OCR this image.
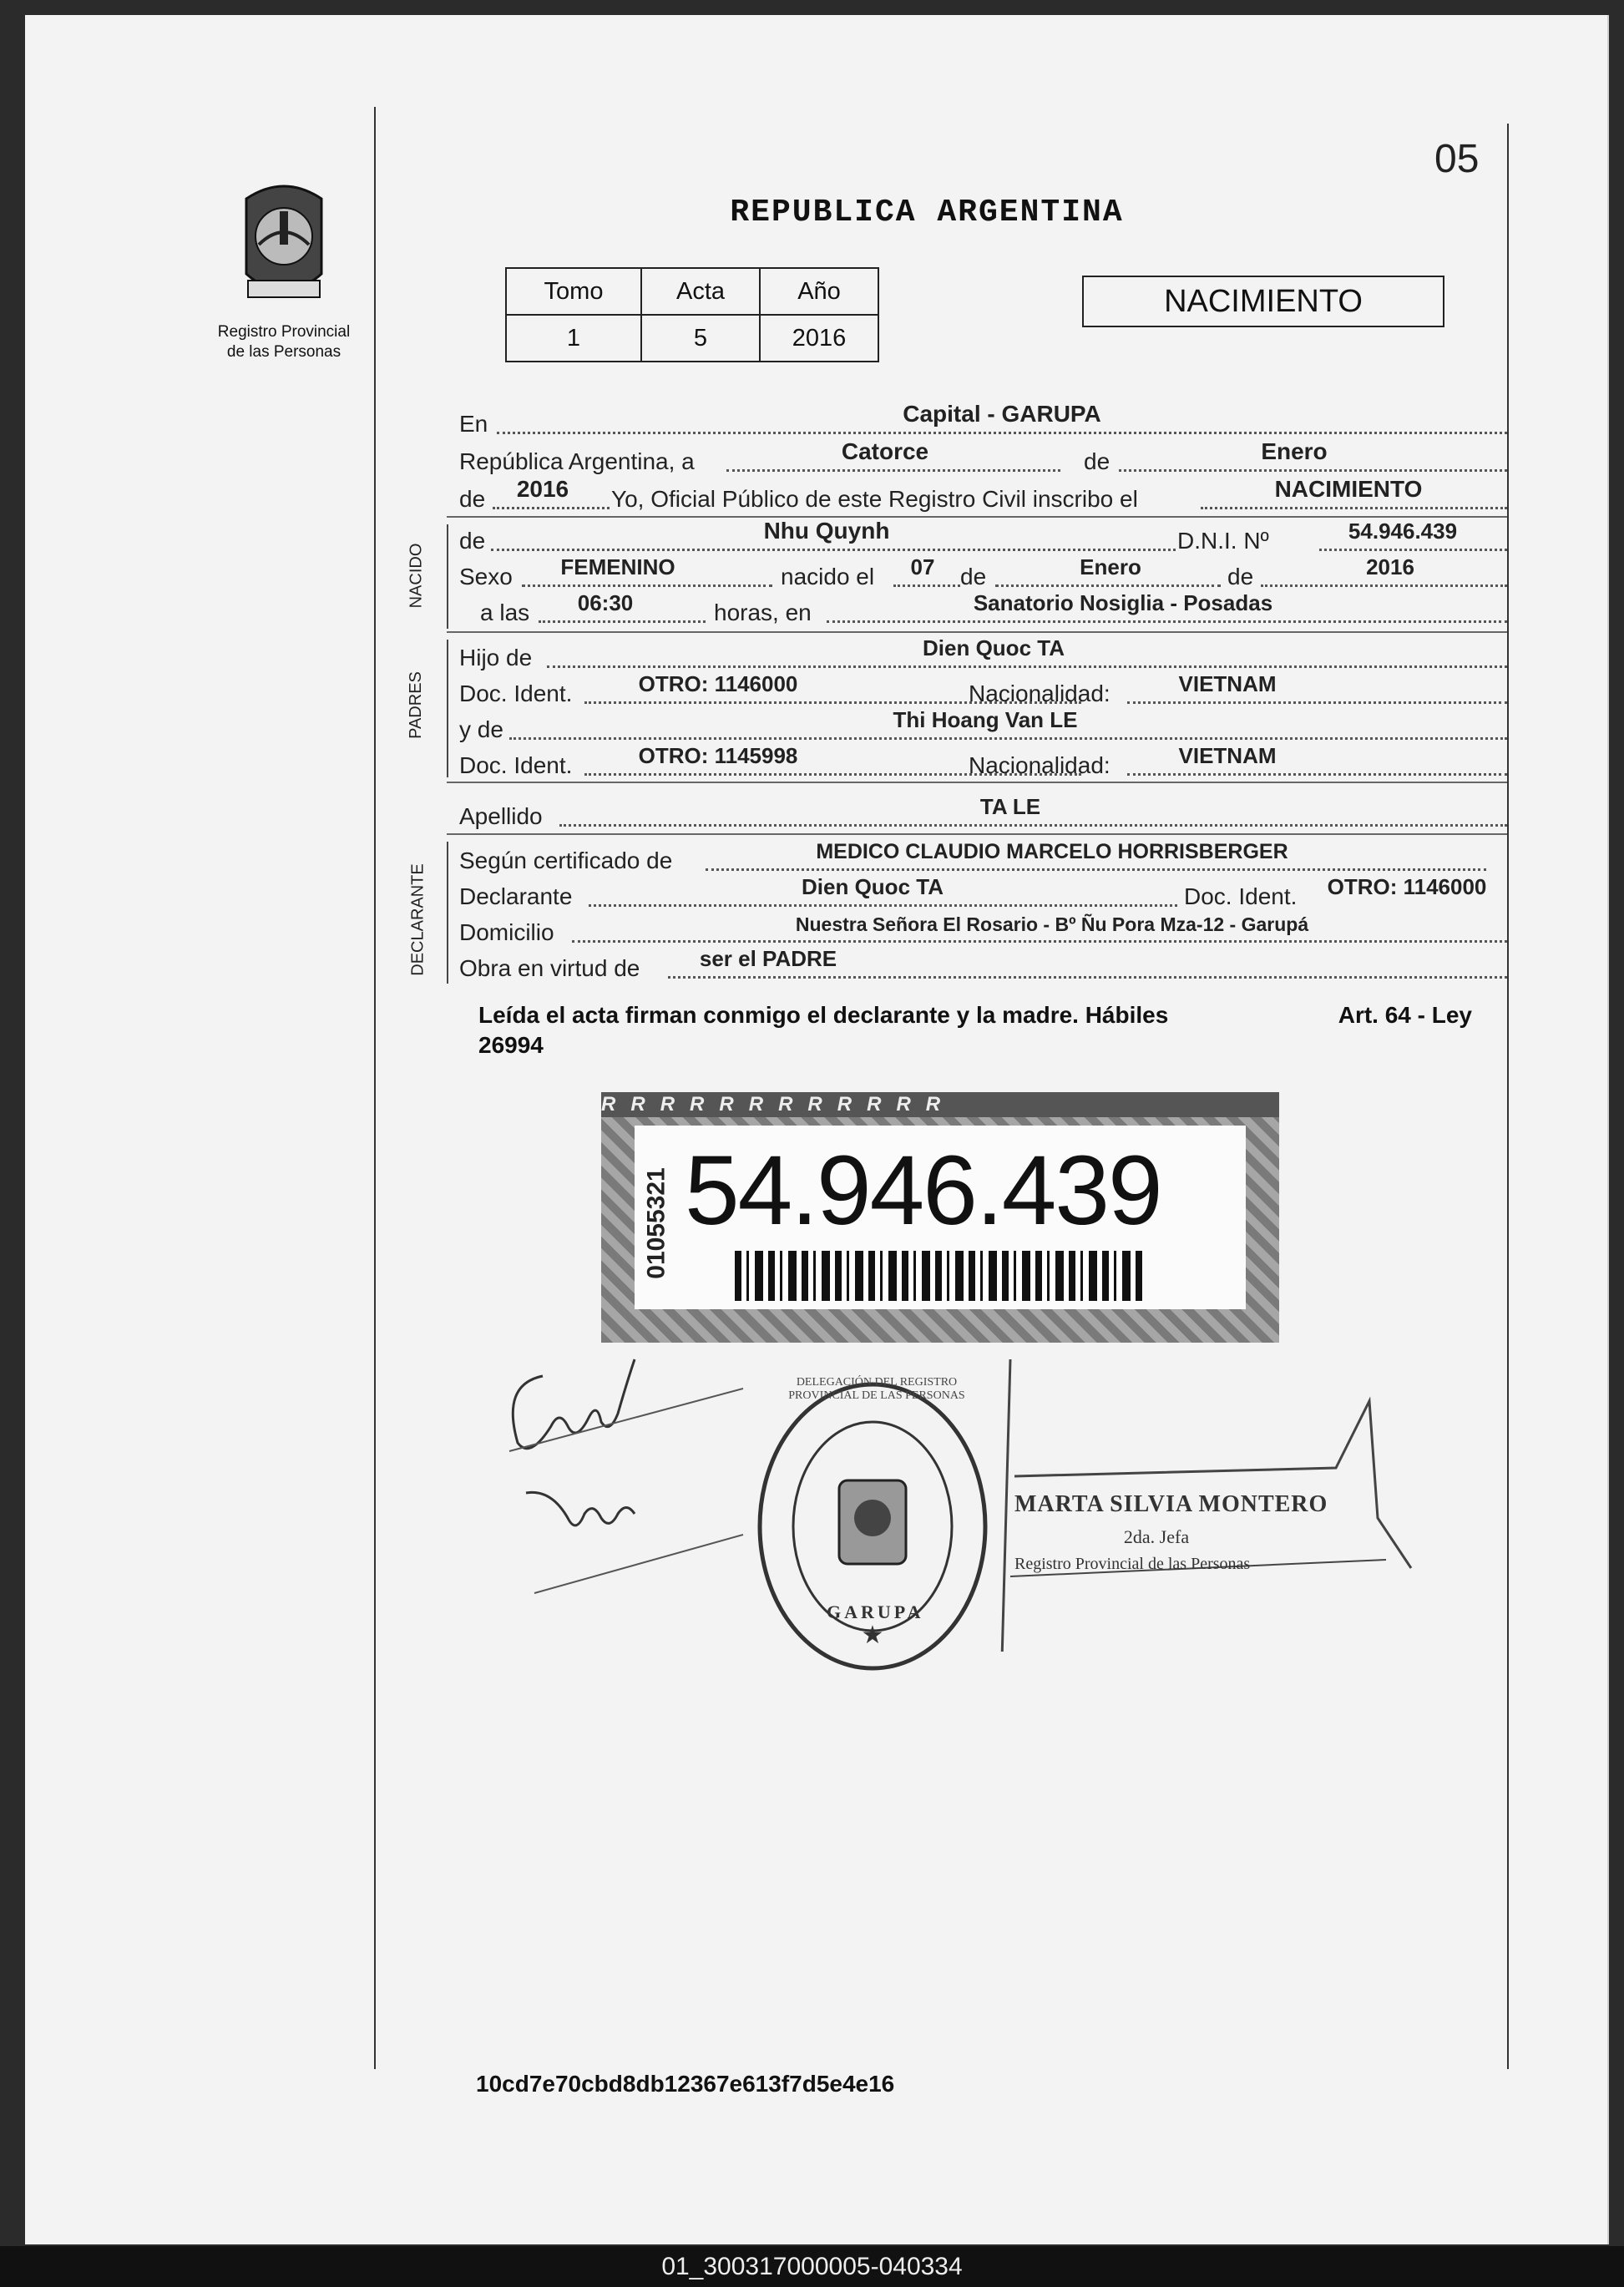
05
Registro Provincial
de las Personas
REPUBLICA ARGENTINA
Tomo	Acta	Año
1	5	2016
NACIMIENTO
En	Capital - GARUPA
República Argentina, a	Catorce	de	Enero
de	2016	Yo, Oficial Público de este Registro Civil inscribo el	NACIMIENTO
NACIDO
de	Nhu Quynh	D.N.I. Nº	54.946.439
Sexo	FEMENINO	nacido el	07	de	Enero	de	2016
a las	06:30	horas, en	Sanatorio Nosiglia - Posadas
PADRES
Hijo de	Dien Quoc TA
Doc. Ident.	OTRO: 1146000	Nacionalidad:	VIETNAM
y de	Thi Hoang Van LE
Doc. Ident.	OTRO: 1145998	Nacionalidad:	VIETNAM
Apellido	TA LE
DECLARANTE
Según certificado de	MEDICO CLAUDIO MARCELO HORRISBERGER
Declarante	Dien Quoc TA	Doc. Ident.	OTRO: 1146000
Domicilio	Nuestra Señora El Rosario - Bº Ñu Pora Mza-12 - Garupá
Obra en virtud de	ser el PADRE
Leída el acta firman conmigo el declarante y la madre. Hábiles	Art. 64 - Ley
26994
RRRRRRRRRRRR
54.946.439
01055321
★
GARUPA
DELEGACIÓN DEL REGISTRO PROVINCIAL DE LAS PERSONAS
MARTA SILVIA MONTERO
2da. Jefa
Registro Provincial de las Personas
10cd7e70cbd8db12367e613f7d5e4e16
01_300317000005-040334
